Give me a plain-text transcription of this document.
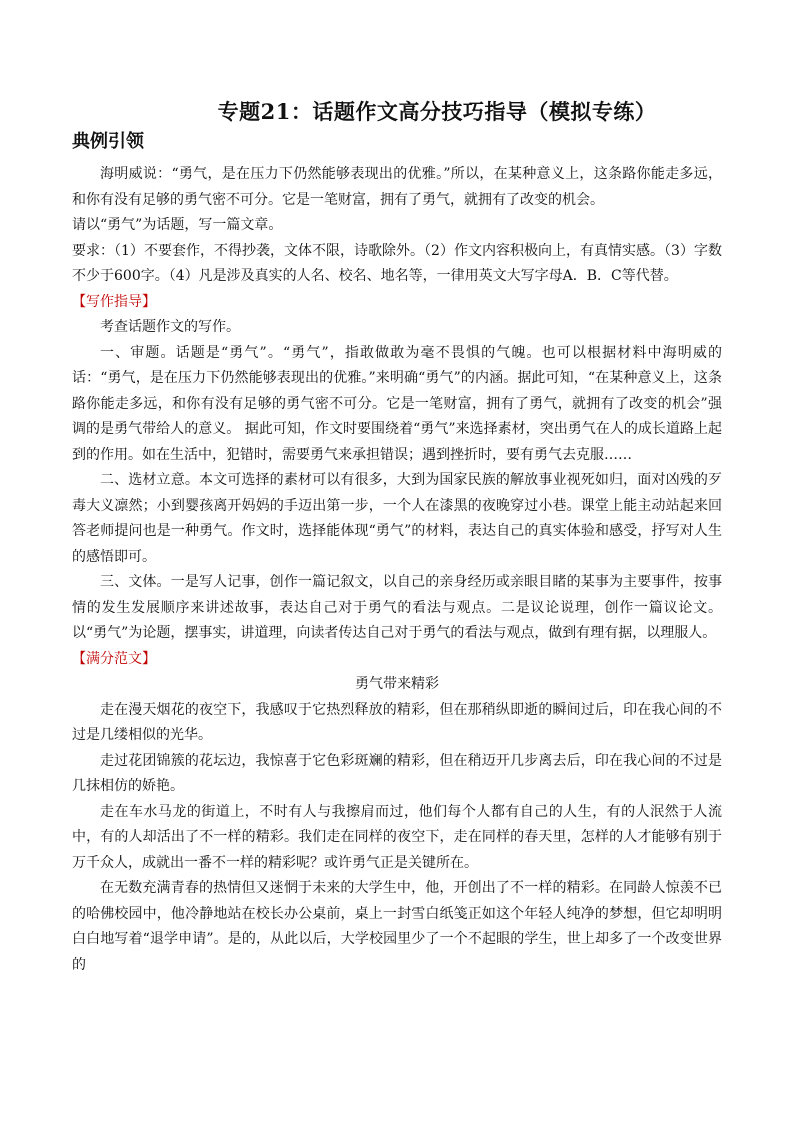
专题21：话题作文高分技巧指导（模拟专练）
典例引领

海明威说：“勇气，是在压力下仍然能够表现出的优雅。”所以，在某种意义上，这条路你能走多远，和你有没有足够的勇气密不可分。它是一笔财富，拥有了勇气，就拥有了改变的机会。

请以“勇气”为话题，写一篇文章。

要求：（1）不要套作，不得抄袭，文体不限，诗歌除外。（2）作文内容积极向上，有真情实感。（3）字数不少于600字。（4）凡是涉及真实的人名、校名、地名等，一律用英文大写字母A．B．C等代替。

【写作指导】

考查话题作文的写作。

一、审题。话题是“勇气”。“勇气”，指敢做敢为毫不畏惧的气魄。也可以根据材料中海明威的话：“勇气，是在压力下仍然能够表现出的优雅。”来明确“勇气”的内涵。据此可知，“在某种意义上，这条路你能走多远，和你有没有足够的勇气密不可分。它是一笔财富，拥有了勇气，就拥有了改变的机会”强调的是勇气带给人的意义。 据此可知，作文时要围绕着“勇气”来选择素材，突出勇气在人的成长道路上起到的作用。如在生活中，犯错时，需要勇气来承担错误；遇到挫折时，要有勇气去克服……

二、选材立意。本文可选择的素材可以有很多，大到为国家民族的解放事业视死如归，面对凶残的歹毒大义凛然；小到婴孩离开妈妈的手迈出第一步，一个人在漆黑的夜晚穿过小巷。课堂上能主动站起来回答老师提问也是一种勇气。作文时，选择能体现“勇气”的材料，表达自己的真实体验和感受，抒写对人生的感悟即可。

三、文体。一是写人记事，创作一篇记叙文，以自己的亲身经历或亲眼目睹的某事为主要事件，按事情的发生发展顺序来讲述故事，表达自己对于勇气的看法与观点。二是议论说理，创作一篇议论文。以“勇气”为论题，摆事实，讲道理，向读者传达自己对于勇气的看法与观点，做到有理有据，以理服人。

【满分范文】
勇气带来精彩

走在漫天烟花的夜空下，我感叹于它热烈释放的精彩，但在那稍纵即逝的瞬间过后，印在我心间的不过是几缕相似的光华。

走过花团锦簇的花坛边，我惊喜于它色彩斑斓的精彩，但在稍迈开几步离去后，印在我心间的不过是几抹相仿的娇艳。

走在车水马龙的街道上，不时有人与我擦肩而过，他们每个人都有自己的人生，有的人泯然于人流中，有的人却活出了不一样的精彩。我们走在同样的夜空下，走在同样的春天里，怎样的人才能够有别于万千众人，成就出一番不一样的精彩呢？或许勇气正是关键所在。

在无数充满青春的热情但又迷惘于未来的大学生中，他，开创出了不一样的精彩。在同龄人惊羡不已的哈佛校园中，他冷静地站在校长办公桌前，桌上一封雪白纸笺正如这个年轻人纯净的梦想，但它却明明白白地写着“退学申请”。是的，从此以后，大学校园里少了一个不起眼的学生，世上却多了一个改变世界的
